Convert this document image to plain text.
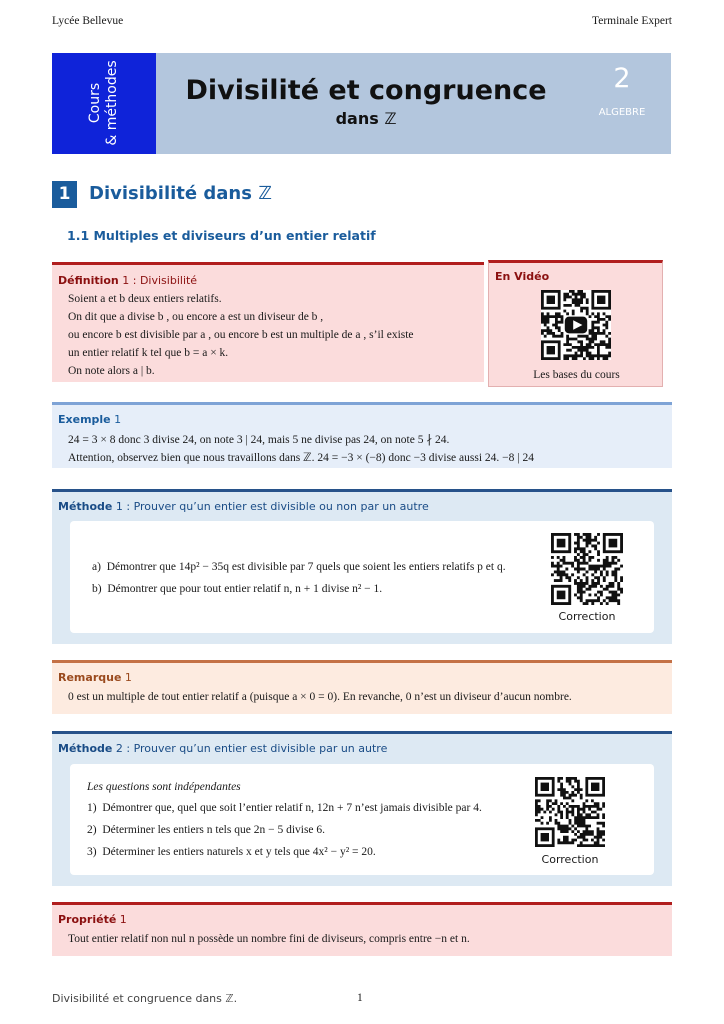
Lycée Bellevue	Terminale Expert
Cours & méthodes	Divisilité et congruence
dans ℤ
2
ALGEBRE
1	Divisibilité dans ℤ
1.1 Multiples et diviseurs d’un entier relatif
Définition 1 : Divisibilité
Soient a et b deux entiers relatifs.
On dit que a divise b , ou encore a est un diviseur de b ,
ou encore b est divisible par a , ou encore b est un multiple de a , s’il existe
un entier relatif k tel que b = a × k.
On note alors a | b.
En Vidéo
Les bases du cours
Exemple 1
24 = 3 × 8 donc 3 divise 24, on note 3 | 24, mais 5 ne divise pas 24, on note 5 ∤ 24.
Attention, observez bien que nous travaillons dans ℤ. 24 = −3 × (−8) donc −3 divise aussi 24. −8 | 24
Méthode 1 : Prouver qu’un entier est divisible ou non par un autre
a) Démontrer que 14p² − 35q est divisible par 7 quels que soient les entiers relatifs p et q.
b) Démontrer que pour tout entier relatif n, n + 1 divise n² − 1.
Correction
Remarque 1
0 est un multiple de tout entier relatif a (puisque a × 0 = 0). En revanche, 0 n’est un diviseur d’aucun nombre.
Méthode 2 : Prouver qu’un entier est divisible par un autre
Les questions sont indépendantes
1) Démontrer que, quel que soit l’entier relatif n, 12n + 7 n’est jamais divisible par 4.
2) Déterminer les entiers n tels que 2n − 5 divise 6.
3) Déterminer les entiers naturels x et y tels que 4x² − y² = 20.
Correction
Propriété 1
Tout entier relatif non nul n possède un nombre fini de diviseurs, compris entre −n et n.
Divisibilité et congruence dans ℤ.	1
